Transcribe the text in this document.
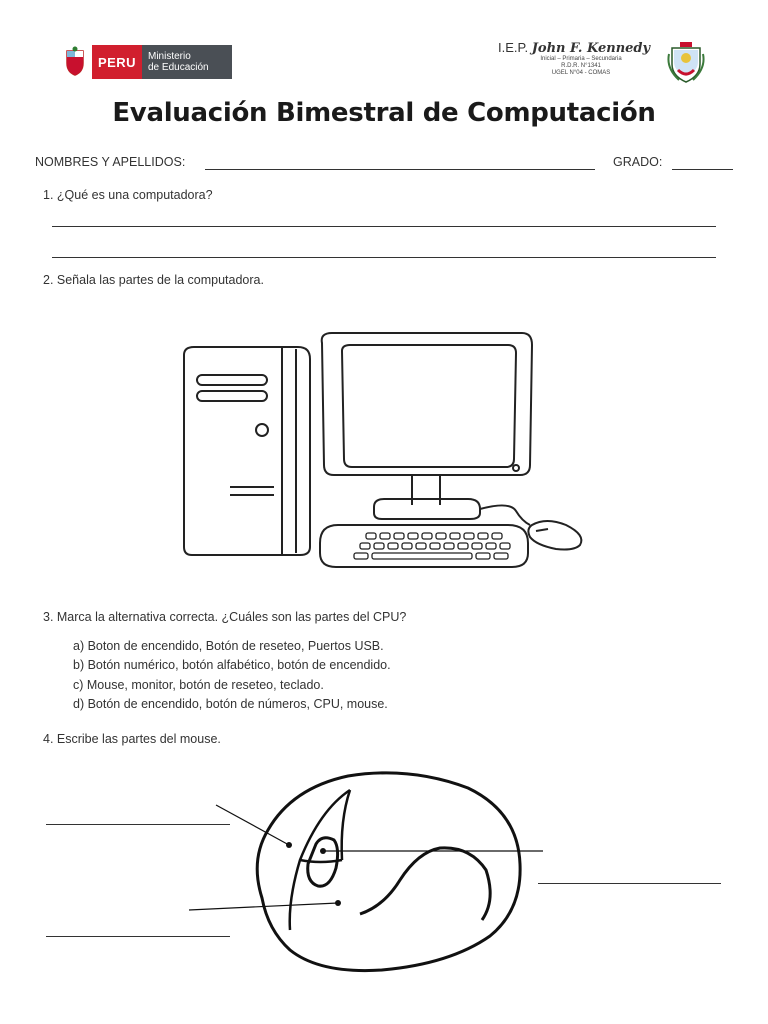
PERU	Ministerio
de Educación
I.E.P. John F. Kennedy
Inicial – Primaria – Secundaria
R.D.R. N°1341
UGEL N°04 - COMAS
Evaluación Bimestral de Computación
NOMBRES Y APELLIDOS:	GRADO:
1. ¿Qué es una computadora?
2. Señala las partes de la computadora.
3. Marca la alternativa correcta. ¿Cuáles son las partes del CPU?
a) Boton de encendido, Botón de reseteo, Puertos USB.
b) Botón numérico, botón alfabético, botón de encendido.
c) Mouse, monitor, botón de reseteo, teclado.
d) Botón de encendido, botón de números, CPU, mouse.
4. Escribe las partes del mouse.
